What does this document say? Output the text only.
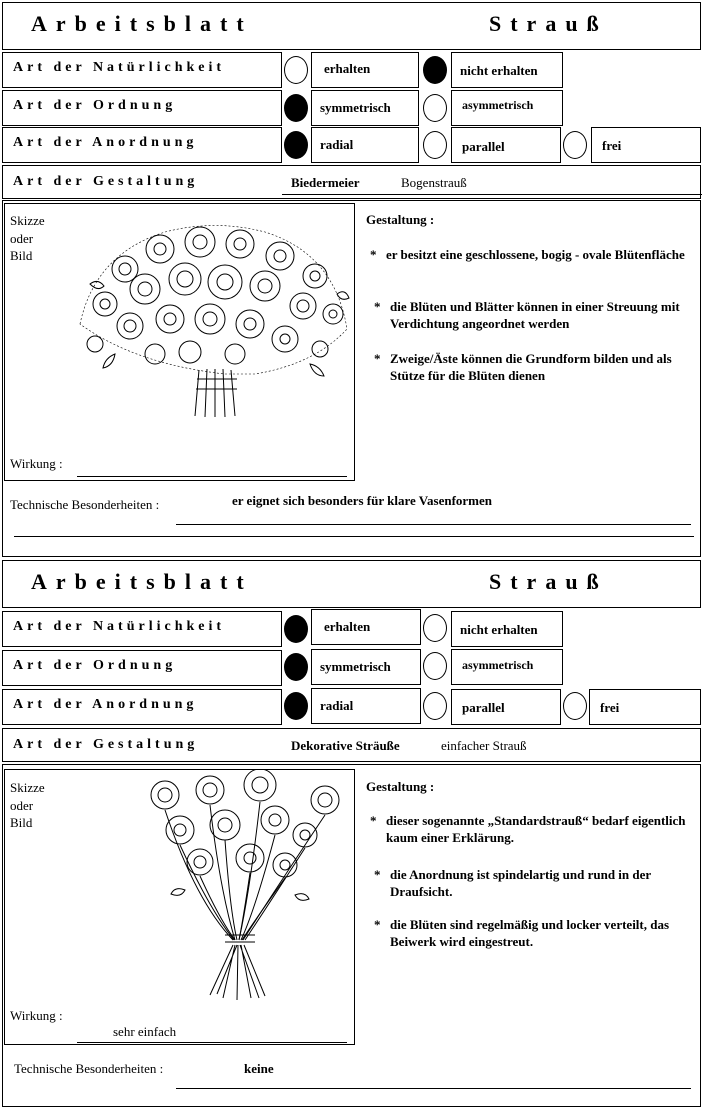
Arbeitsblatt	Strauß
Art der Natürlichkeit	erhalten	nicht erhalten
Art der Ordnung	symmetrisch	asymmetrisch
Art der Anordnung	radial	parallel	frei
Art der Gestaltung	Biedermeier	Bogenstrauß
Skizze
oder
Bild
Wirkung :
Gestaltung :
* er besitzt eine geschlossene, bogig - ovale Blütenfläche
* die Blüten und Blätter können in einer Streuung mit Verdichtung angeordnet werden
* Zweige/Äste können die Grundform bilden und als Stütze für die Blüten dienen
Technische Besonderheiten :	er eignet sich besonders für klare Vasenformen
Arbeitsblatt	Strauß
Art der Natürlichkeit	erhalten	nicht erhalten
Art der Ordnung	symmetrisch	asymmetrisch
Art der Anordnung	radial	parallel	frei
Art der Gestaltung	Dekorative Sträuße	einfacher Strauß
Skizze
oder
Bild
Wirkung :
sehr einfach
Gestaltung :
* dieser sogenannte „Standardstrauß“ bedarf eigentlich kaum einer Erklärung.
* die Anordnung ist spindelartig und rund in der Draufsicht.
* die Blüten sind regelmäßig und locker verteilt, das Beiwerk wird eingestreut.
Technische Besonderheiten :	keine
